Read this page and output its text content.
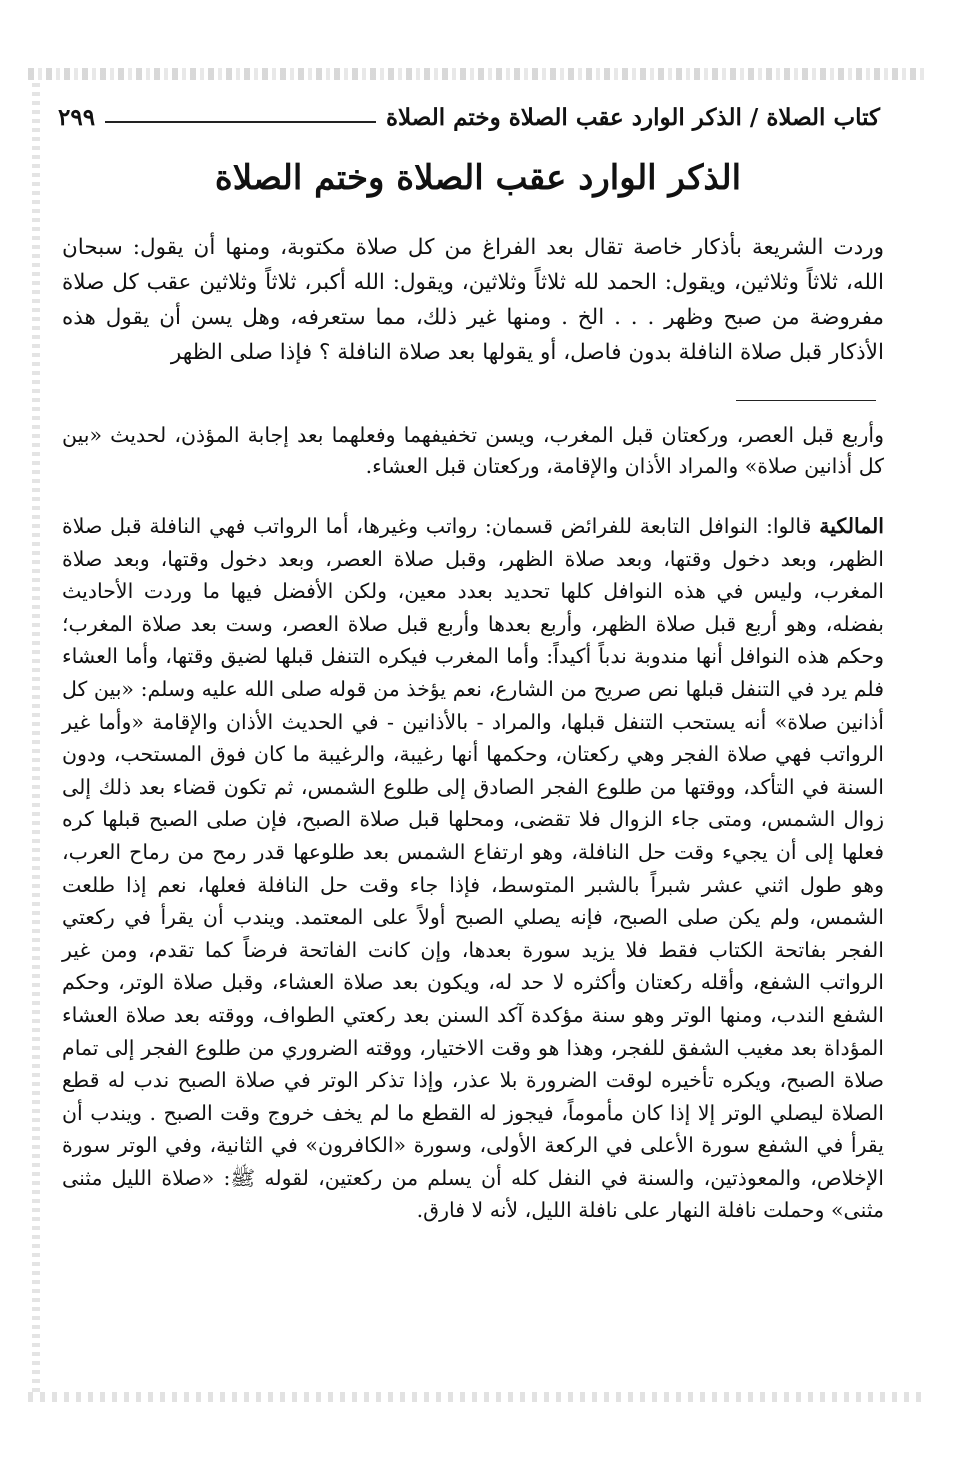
كتاب الصلاة / الذكر الوارد عقب الصلاة وختم الصلاة
٢٩٩
الذكر الوارد عقب الصلاة وختم الصلاة

وردت الشريعة بأذكار خاصة تقال بعد الفراغ من كل صلاة مكتوبة، ومنها أن يقول: سبحان الله، ثلاثاً وثلاثين، ويقول: الحمد لله ثلاثاً وثلاثين، ويقول: الله أكبر، ثلاثاً وثلاثين عقب كل صلاة مفروضة من صبح وظهر . . . الخ . ومنها غير ذلك، مما ستعرفه، وهل يسن أن يقول هذه الأذكار قبل صلاة النافلة بدون فاصل، أو يقولها بعد صلاة النافلة ؟ فإذا صلى الظهر

وأربع قبل العصر، وركعتان قبل المغرب، ويسن تخفيفهما وفعلهما بعد إجابة المؤذن، لحديث «بين كل أذانين صلاة» والمراد الأذان والإقامة، وركعتان قبل العشاء.

المالكية قالوا: النوافل التابعة للفرائض قسمان: رواتب وغيرها، أما الرواتب فهي النافلة قبل صلاة الظهر، وبعد دخول وقتها، وبعد صلاة الظهر، وقبل صلاة العصر، وبعد دخول وقتها، وبعد صلاة المغرب، وليس في هذه النوافل كلها تحديد بعدد معين، ولكن الأفضل فيها ما وردت الأحاديث بفضله، وهو أربع قبل صلاة الظهر، وأربع بعدها وأربع قبل صلاة العصر، وست بعد صلاة المغرب؛ وحكم هذه النوافل أنها مندوبة ندباً أكيداً: وأما المغرب فيكره التنفل قبلها لضيق وقتها، وأما العشاء فلم يرد في التنفل قبلها نص صريح من الشارع، نعم يؤخذ من قوله صلى الله عليه وسلم: «بين كل أذانين صلاة» أنه يستحب التنفل قبلها، والمراد - بالأذانين - في الحديث الأذان والإقامة «وأما غير الرواتب فهي صلاة الفجر وهي ركعتان، وحكمها أنها رغيبة، والرغيبة ما كان فوق المستحب، ودون السنة في التأكد، ووقتها من طلوع الفجر الصادق إلى طلوع الشمس، ثم تكون قضاء بعد ذلك إلى زوال الشمس، ومتى جاء الزوال فلا تقضى، ومحلها قبل صلاة الصبح، فإن صلى الصبح قبلها كره فعلها إلى أن يجيء وقت حل النافلة، وهو ارتفاع الشمس بعد طلوعها قدر رمح من رماح العرب، وهو طول اثني عشر شبراً بالشبر المتوسط، فإذا جاء وقت حل النافلة فعلها، نعم إذا طلعت الشمس، ولم يكن صلى الصبح، فإنه يصلي الصبح أولاً على المعتمد. ويندب أن يقرأ في ركعتي الفجر بفاتحة الكتاب فقط فلا يزيد سورة بعدها، وإن كانت الفاتحة فرضاً كما تقدم، ومن غير الرواتب الشفع، وأقله ركعتان وأكثره لا حد له، ويكون بعد صلاة العشاء، وقبل صلاة الوتر، وحكم الشفع الندب، ومنها الوتر وهو سنة مؤكدة آكد السنن بعد ركعتي الطواف، ووقته بعد صلاة العشاء المؤداة بعد مغيب الشفق للفجر، وهذا هو وقت الاختيار، ووقته الضروري من طلوع الفجر إلى تمام صلاة الصبح، ويكره تأخيره لوقت الضرورة بلا عذر، وإذا تذكر الوتر في صلاة الصبح ندب له قطع الصلاة ليصلي الوتر إلا إذا كان مأموماً، فيجوز له القطع ما لم يخف خروج وقت الصبح . ويندب أن يقرأ في الشفع سورة الأعلى في الركعة الأولى، وسورة «الكافرون» في الثانية، وفي الوتر سورة الإخلاص، والمعوذتين، والسنة في النفل كله أن يسلم من ركعتين، لقوله ﷺ: «صلاة الليل مثنى مثنى» وحملت نافلة النهار على نافلة الليل، لأنه لا فارق.
